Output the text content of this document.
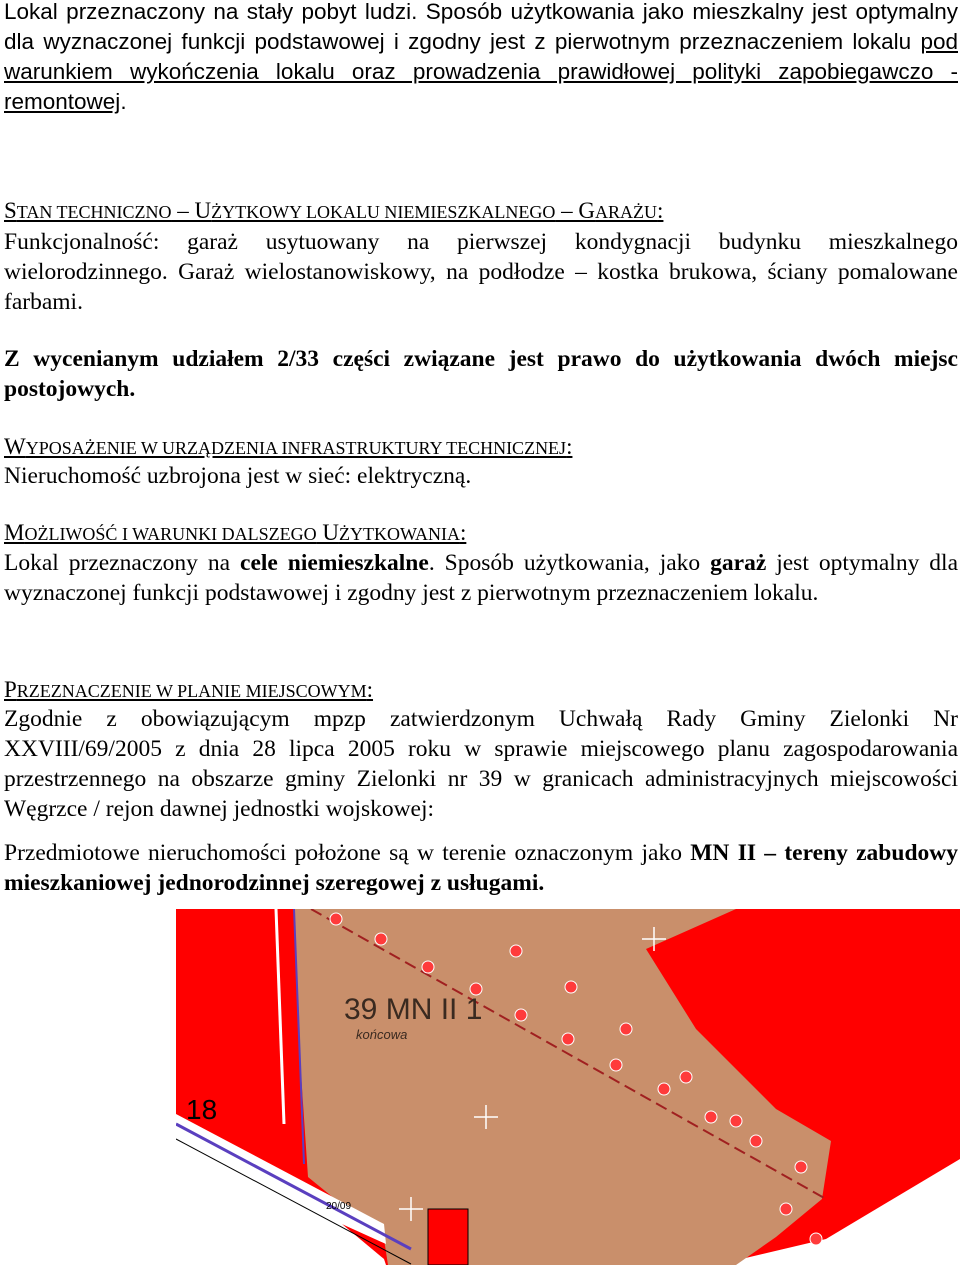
Lokal przeznaczony na stały pobyt ludzi. Sposób użytkowania jako mieszkalny jest optymalny dla wyznaczonej funkcji podstawowej i zgodny jest z pierwotnym przeznaczeniem lokalu pod warunkiem wykończenia lokalu oraz prowadzenia prawidłowej polityki zapobiegawczo - remontowej.

STAN TECHNICZNO – UŻYTKOWY LOKALU NIEMIESZKALNEGO – GARAŻU:

Funkcjonalność: garaż usytuowany na pierwszej kondygnacji budynku mieszkalnego wielorodzinnego. Garaż wielostanowiskowy, na podłodze – kostka brukowa, ściany pomalowane farbami.

Z wycenianym udziałem 2/33 części związane jest prawo do użytkowania dwóch miejsc postojowych.

WYPOSAŻENIE W URZĄDZENIA INFRASTRUKTURY TECHNICZNEJ:

Nieruchomość uzbrojona jest w sieć: elektryczną.

MOŻLIWOŚĆ I WARUNKI DALSZEGO UŻYTKOWANIA:

Lokal przeznaczony na cele niemieszkalne. Sposób użytkowania, jako garaż jest optymalny dla wyznaczonej funkcji podstawowej i zgodny jest z pierwotnym przeznaczeniem lokalu.

PRZEZNACZENIE W PLANIE MIEJSCOWYM:

Zgodnie z obowiązującym mpzp zatwierdzonym Uchwałą Rady Gminy Zielonki Nr XXVIII/69/2005 z dnia 28 lipca 2005 roku w sprawie miejscowego planu zagospodarowania przestrzennego na obszarze gminy Zielonki nr 39 w granicach administracyjnych miejscowości Węgrzce / rejon dawnej jednostki wojskowej:

Przedmiotowe nieruchomości położone są w terenie oznaczonym jako MN II – tereny zabudowy mieszkaniowej jednorodzinnej szeregowej z usługami.

39 MN II 1
końcowa
18
20/09
